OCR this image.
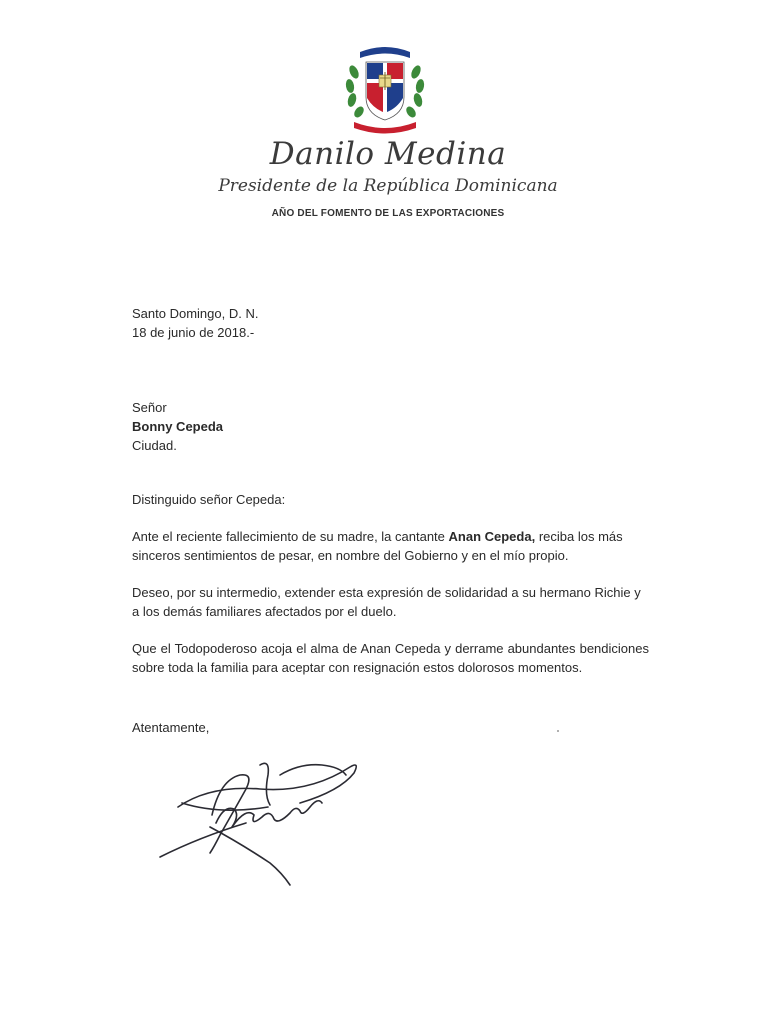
Danilo Medina
Presidente de la República Dominicana
AÑO DEL FOMENTO DE LAS EXPORTACIONES
Santo Domingo, D. N.
18 de junio de 2018.-
Señor
Bonny Cepeda
Ciudad.
Distinguido señor Cepeda:
Ante el reciente fallecimiento de su madre, la cantante Anan Cepeda, reciba los más sinceros sentimientos de pesar, en nombre del Gobierno y en el mío propio.
Deseo, por su intermedio, extender esta expresión de solidaridad a su hermano Richie y a los demás familiares afectados por el duelo.
Que el Todopoderoso acoja el alma de Anan Cepeda y derrame abundantes bendiciones sobre toda la familia para aceptar con resignación estos dolorosos momentos.
Atentamente,
